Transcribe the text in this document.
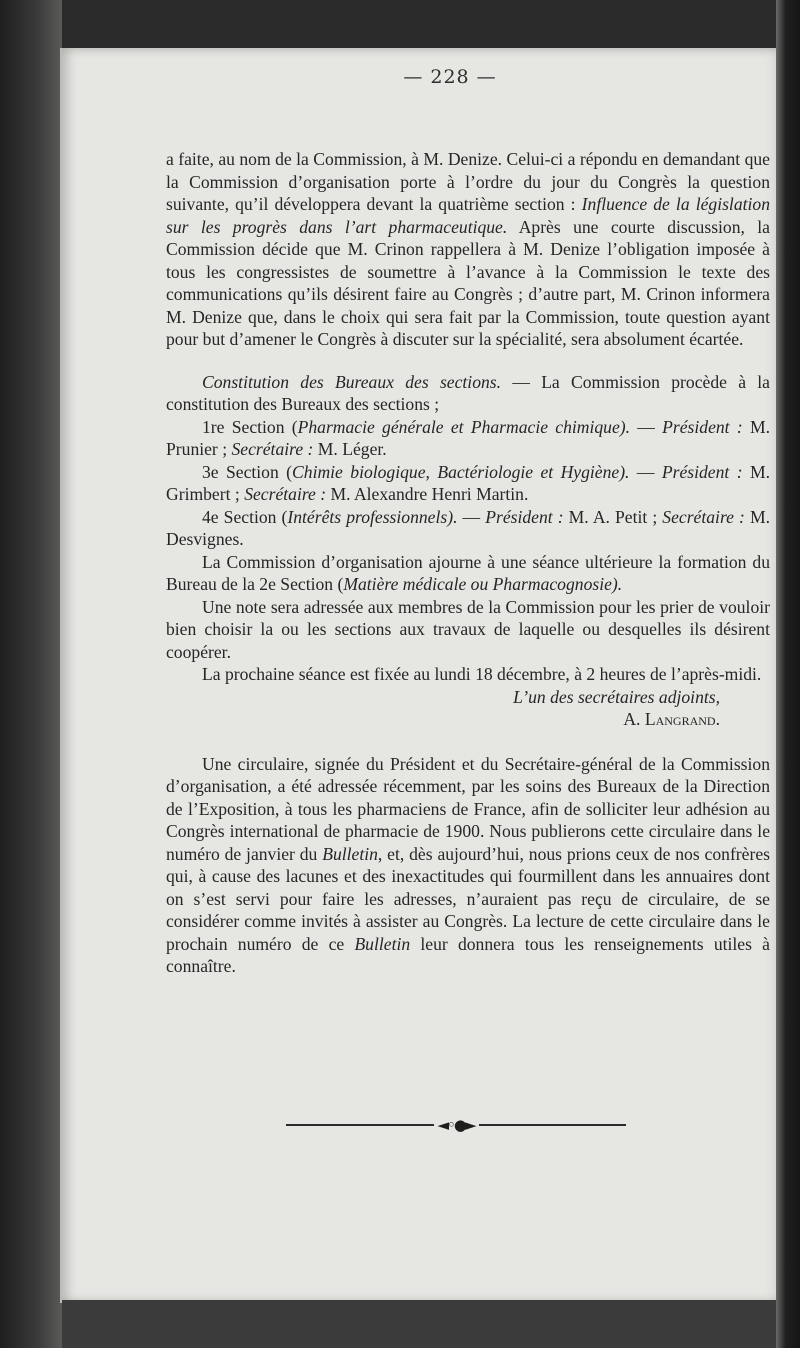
— 228 —

a faite, au nom de la Commission, à M. Denize. Celui-ci a répondu en demandant que la Commission d’organisation porte à l’ordre du jour du Congrès la question suivante, qu’il développera devant la quatrième section : Influence de la législation sur les progrès dans l’art pharmaceutique. Après une courte discussion, la Commission décide que M. Crinon rappellera à M. Denize l’obligation imposée à tous les congressistes de soumettre à l’avance à la Commission le texte des communications qu’ils désirent faire au Congrès ; d’autre part, M. Crinon informera M. Denize que, dans le choix qui sera fait par la Commission, toute question ayant pour but d’amener le Congrès à discuter sur la spécialité, sera absolument écartée.

Constitution des Bureaux des sections. — La Commission procède à la constitution des Bureaux des sections ;

1re Section (Pharmacie générale et Pharmacie chimique). — Président : M. Prunier ; Secrétaire : M. Léger.

3e Section (Chimie biologique, Bactériologie et Hygiène). — Président : M. Grimbert ; Secrétaire : M. Alexandre Henri Martin.

4e Section (Intérêts professionnels). — Président : M. A. Petit ; Secrétaire : M. Desvignes.

La Commission d’organisation ajourne à une séance ultérieure la formation du Bureau de la 2e Section (Matière médicale ou Pharmacognosie).

Une note sera adressée aux membres de la Commission pour les prier de vouloir bien choisir la ou les sections aux travaux de laquelle ou desquelles ils désirent coopérer.

La prochaine séance est fixée au lundi 18 décembre, à 2 heures de l’après-midi.

L’un des secrétaires adjoints,

A. Langrand.

Une circulaire, signée du Président et du Secrétaire-général de la Commission d’organisation, a été adressée récemment, par les soins des Bureaux de la Direction de l’Exposition, à tous les pharmaciens de France, afin de solliciter leur adhésion au Congrès international de pharmacie de 1900. Nous publierons cette circulaire dans le numéro de janvier du Bulletin, et, dès aujourd’hui, nous prions ceux de nos confrères qui, à cause des lacunes et des inexactitudes qui fourmillent dans les annuaires dont on s’est servi pour faire les adresses, n’auraient pas reçu de circulaire, de se considérer comme invités à assister au Congrès. La lecture de cette circulaire dans le prochain numéro de ce Bulletin leur donnera tous les renseignements utiles à connaître.

◄◦●►
